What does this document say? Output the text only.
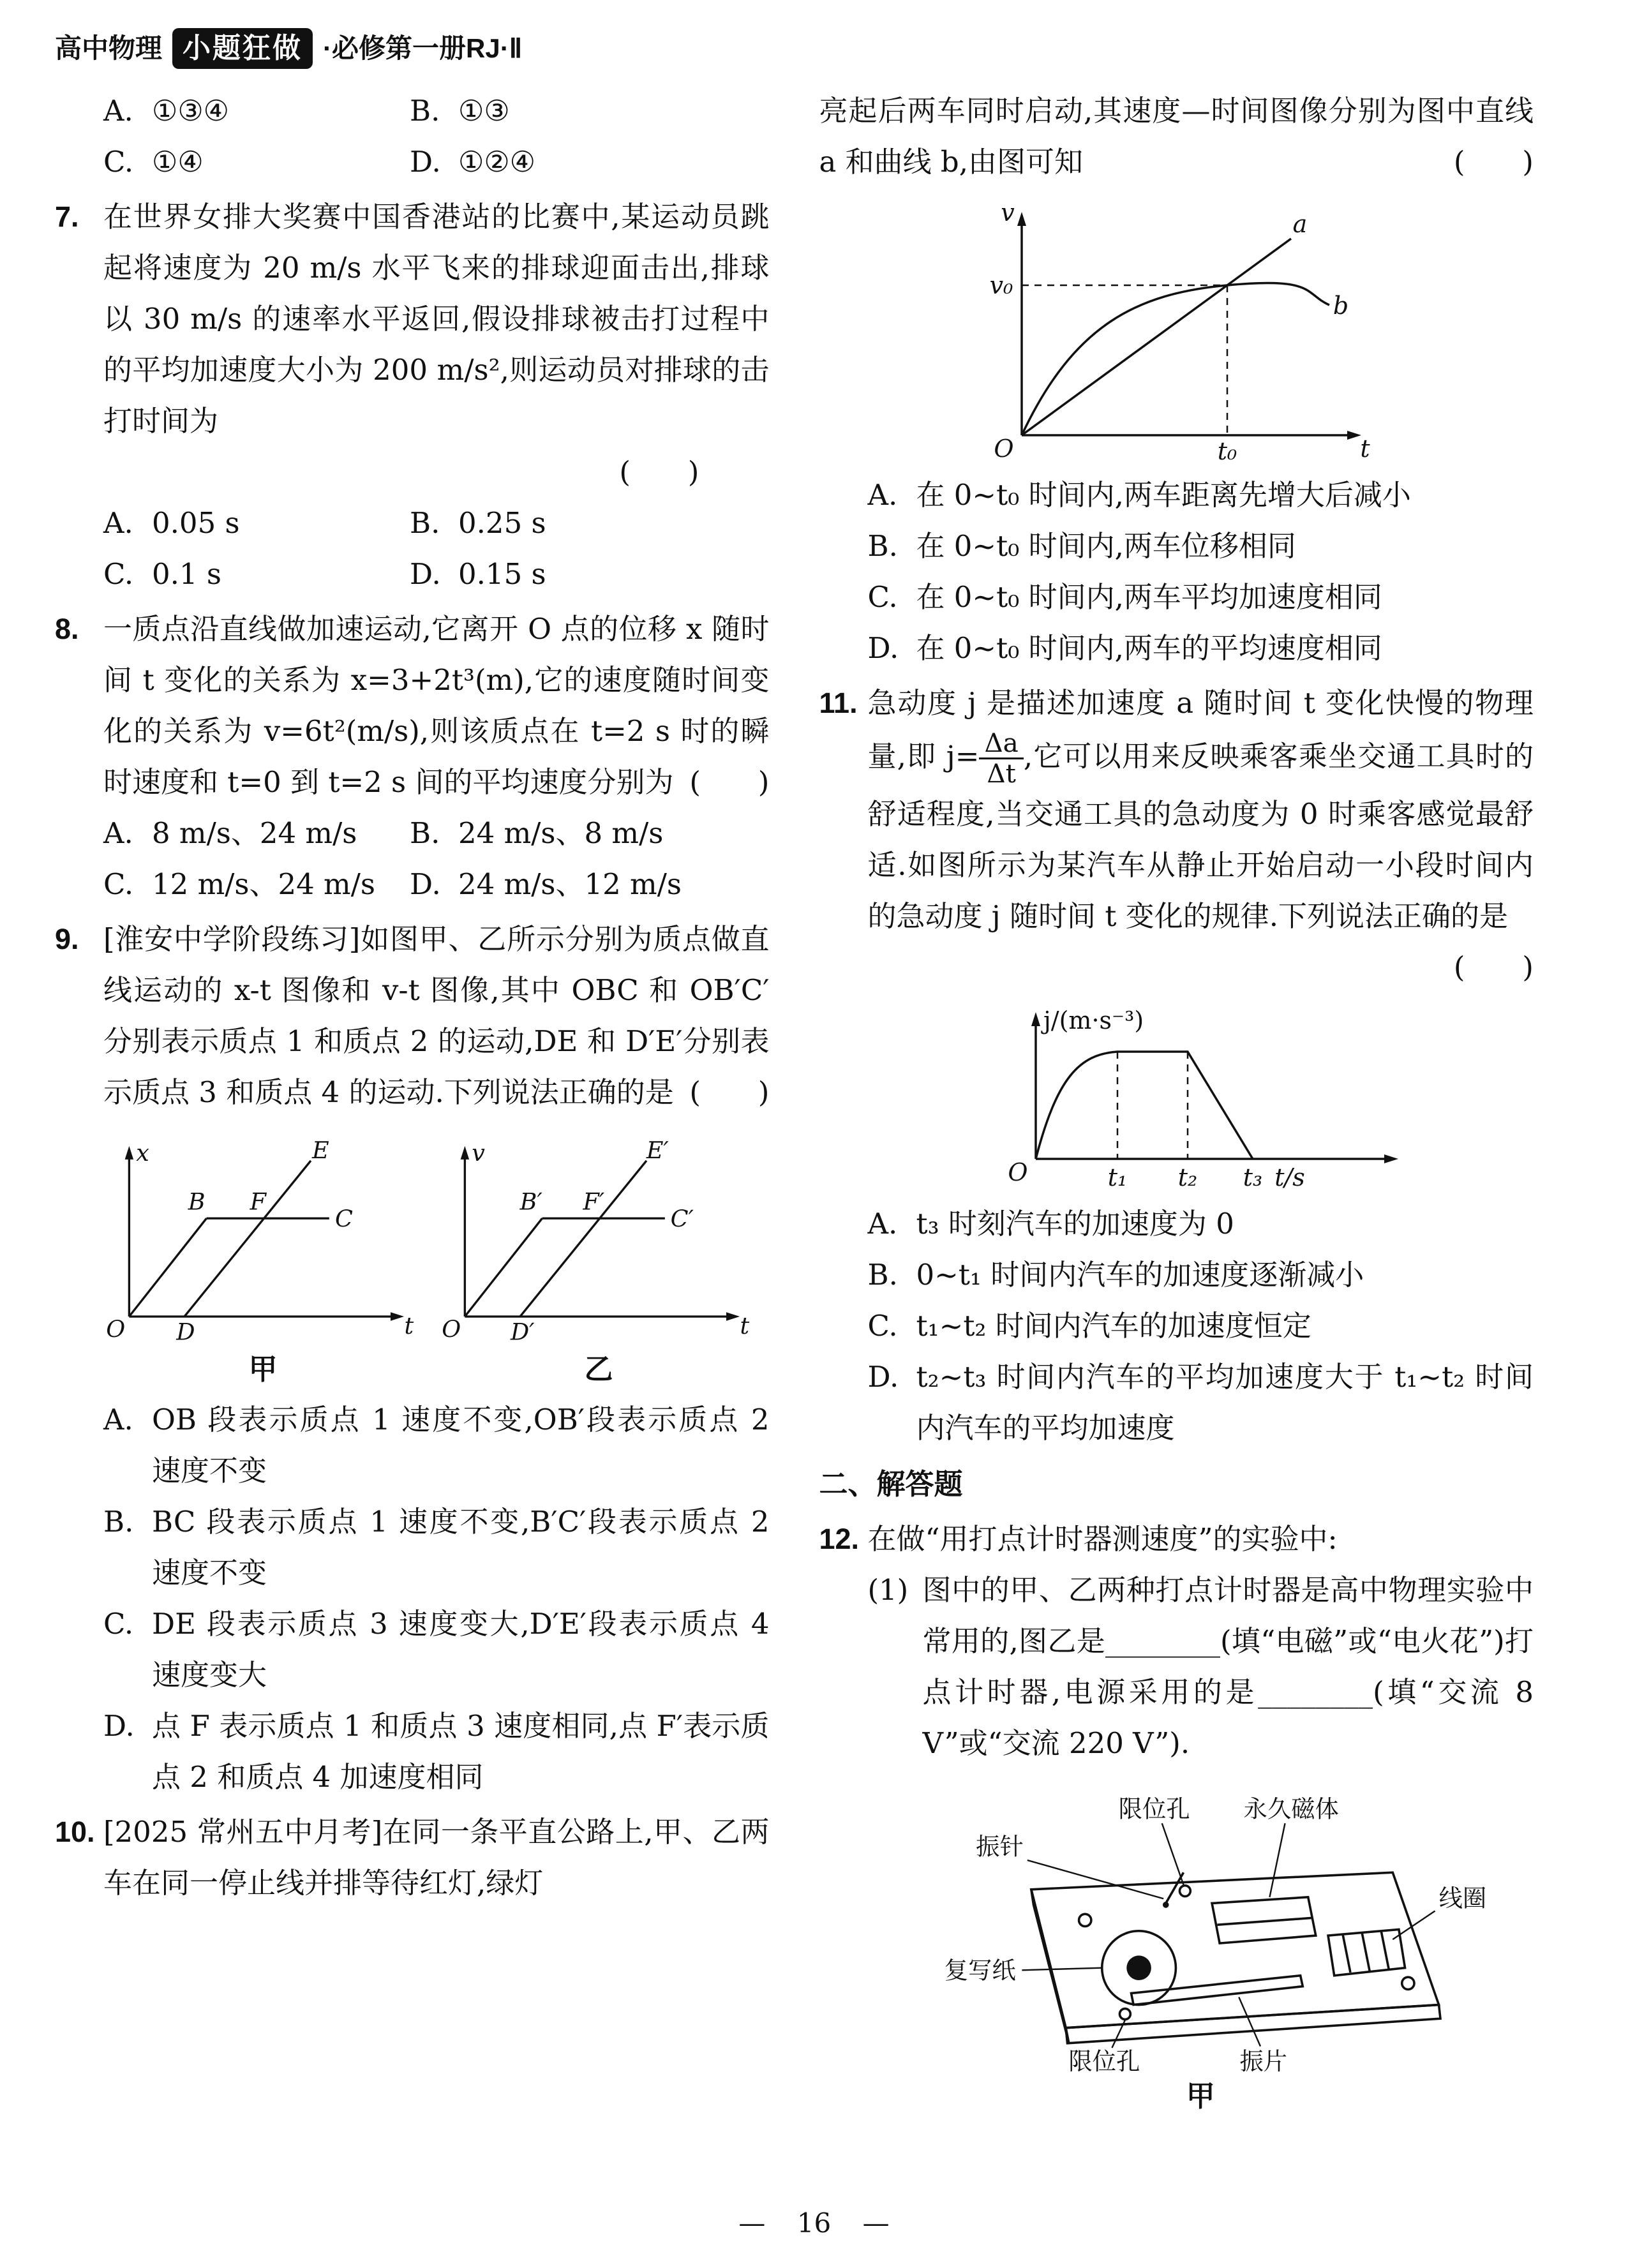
高中物理 小题狂做 ·必修第一册RJ·Ⅱ
A. ①③④	B. ①③
C. ①④	D. ①②④
7. 在世界女排大奖赛中国香港站的比赛中,某运动员跳起将速度为 20 m/s 水平飞来的排球迎面击出,排球以 30 m/s 的速率水平返回,假设排球被击打过程中的平均加速度大小为 200 m/s²,则运动员对排球的击打时间为

(　　)
A. 0.05 s	B. 0.25 s
C. 0.1 s	D. 0.15 s
8. 一质点沿直线做加速运动,它离开 O 点的位移 x 随时间 t 变化的关系为 x=3+2t³(m),它的速度随时间变化的关系为 v=6t²(m/s),则该质点在 t=2 s 时的瞬时速度和 t=0 到 t=2 s 间的平均速度分别为 (　　)

A. 8 m/s、24 m/s	B. 24 m/s、8 m/s
C. 12 m/s、24 m/s	D. 24 m/s、12 m/s
9. [淮安中学阶段练习]如图甲、乙所示分别为质点做直线运动的 x-t 图像和 v-t 图像,其中 OBC 和 OB′C′分别表示质点 1 和质点 2 的运动,DE 和 D′E′分别表示质点 3 和质点 4 的运动.下列说法正确的是 (　　)

x
t
O
B F
C
D
E
甲
v
t
O
B′ F′
C′
D′
E′
乙
A. OB 段表示质点 1 速度不变,OB′段表示质点 2 速度不变
B. BC 段表示质点 1 速度不变,B′C′段表示质点 2 速度不变
C. DE 段表示质点 3 速度变大,D′E′段表示质点 4 速度变大
D. 点 F 表示质点 1 和质点 3 速度相同,点 F′表示质点 2 和质点 4 加速度相同
10. [2025 常州五中月考]在同一条平直公路上,甲、乙两车在同一停止线并排等待红灯,绿灯

亮起后两车同时启动,其速度—时间图像分别为图中直线 a 和曲线 b,由图可知	(　　)

v
v₀
O	t₀	t
a
b
A. 在 0~t₀ 时间内,两车距离先增大后减小
B. 在 0~t₀ 时间内,两车位移相同
C. 在 0~t₀ 时间内,两车平均加速度相同
D. 在 0~t₀ 时间内,两车的平均速度相同
11. 急动度 j 是描述加速度 a 随时间 t 变化快慢的物理量,即 $j= \frac{\Delta a}{\Delta t}$ ,它可以用来反映乘客乘坐交通工具时的舒适程度,当交通工具的急动度为 0 时乘客感觉最舒适.如图所示为某汽车从静止开始启动一小段时间内的急动度 j 随时间 t 变化的规律.下列说法正确的是
(　　)

j/(m·s⁻³)
O	t₁ t₂ t₃ t/s
A. t₃ 时刻汽车的加速度为 0
B. 0~t₁ 时间内汽车的加速度逐渐减小
C. t₁~t₂ 时间内汽车的加速度恒定
D. t₂~t₃ 时间内汽车的平均加速度大于 t₁~t₂ 时间内汽车的平均加速度
二、解答题
12. 在做“用打点计时器测速度”的实验中:

(1) 图中的甲、乙两种打点计时器是高中物理实验中常用的,图乙是________(填“电磁”或“电火花”)打点计时器,电源采用的是________(填“交流 8 V”或“交流 220 V”).
振针
限位孔	永久磁体
线圈
复写纸
限位孔	振片
甲
— 16 —
